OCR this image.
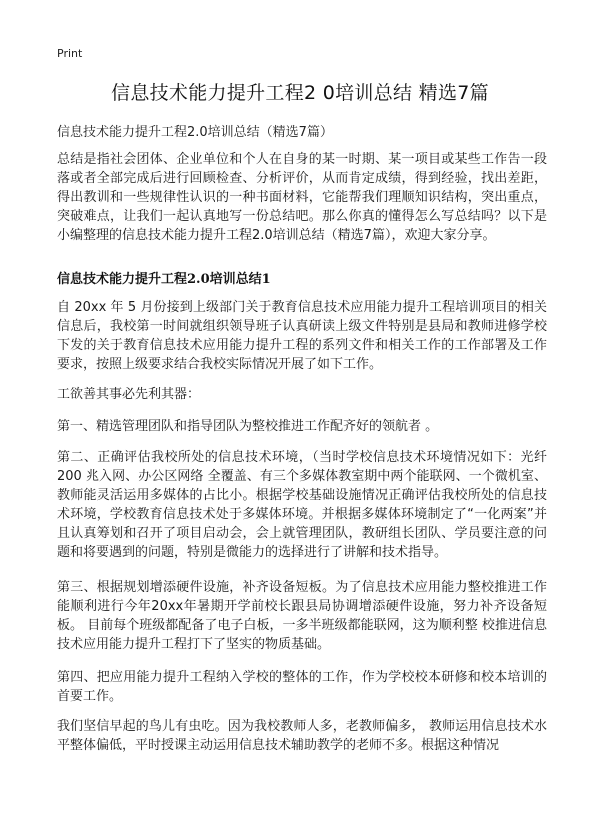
Print
信息技术能力提升工程2 0培训总结 精选7篇
信息技术能力提升工程2.0培训总结（精选7篇）

总结是指社会团体、企业单位和个人在自身的某一时期、某一项目或某些工作告一段落或者全部完成后进行回顾检查、分析评价，从而肯定成绩，得到经验，找出差距，得出教训和一些规律性认识的一种书面材料，它能帮我们理顺知识结构，突出重点，突破难点，让我们一起认真地写一份总结吧。那么你真的懂得怎么写总结吗？以下是小编整理的信息技术能力提升工程2.0培训总结（精选7篇），欢迎大家分享。

信息技术能力提升工程2.0培训总结1

自 20xx 年 5 月份接到上级部门关于教育信息技术应用能力提升工程培训项目的相关信息后，我校第一时间就组织领导班子认真研读上级文件特别是县局和教师进修学校下发的关于教育信息技术应用能力提升工程的系列文件和相关工作的工作部署及工作要求，按照上级要求结合我校实际情况开展了如下工作。

工欲善其事必先利其器：

第一、精选管理团队和指导团队为整校推进工作配齐好的领航者 。

第二、正确评估我校所处的信息技术环境，（当时学校信息技术环境情况如下：光纤 200 兆入网、办公区网络 全覆盖、有三个多媒体教室期中两个能联网、一个微机室、教师能灵活运用多媒体的占比小。根据学校基础设施情况正确评估我校所处的信息技术环境，学校教育信息技术处于多媒体环境。并根据多媒体环境制定了“一化两案”并且认真筹划和召开了项目启动会，会上就管理团队，教研组长团队、学员要注意的问题和将要遇到的问题，特别是微能力的选择进行了讲解和技术指导。

第三、根据规划增添硬件设施，补齐设备短板。为了信息技术应用能力整校推进工作能顺利进行今年20xx年暑期开学前校长跟县局协调增添硬件设施，努力补齐设备短板。 目前每个班级都配备了电子白板，一多半班级都能联网，这为顺利整 校推进信息技术应用能力提升工程打下了坚实的物质基础。

第四、把应用能力提升工程纳入学校的整体的工作，作为学校校本研修和校本培训的首要工作。

我们坚信早起的鸟儿有虫吃。因为我校教师人多，老教师偏多， 教师运用信息技术水平整体偏低，平时授课主动运用信息技术辅助教学的老师不多。根据这种情况
